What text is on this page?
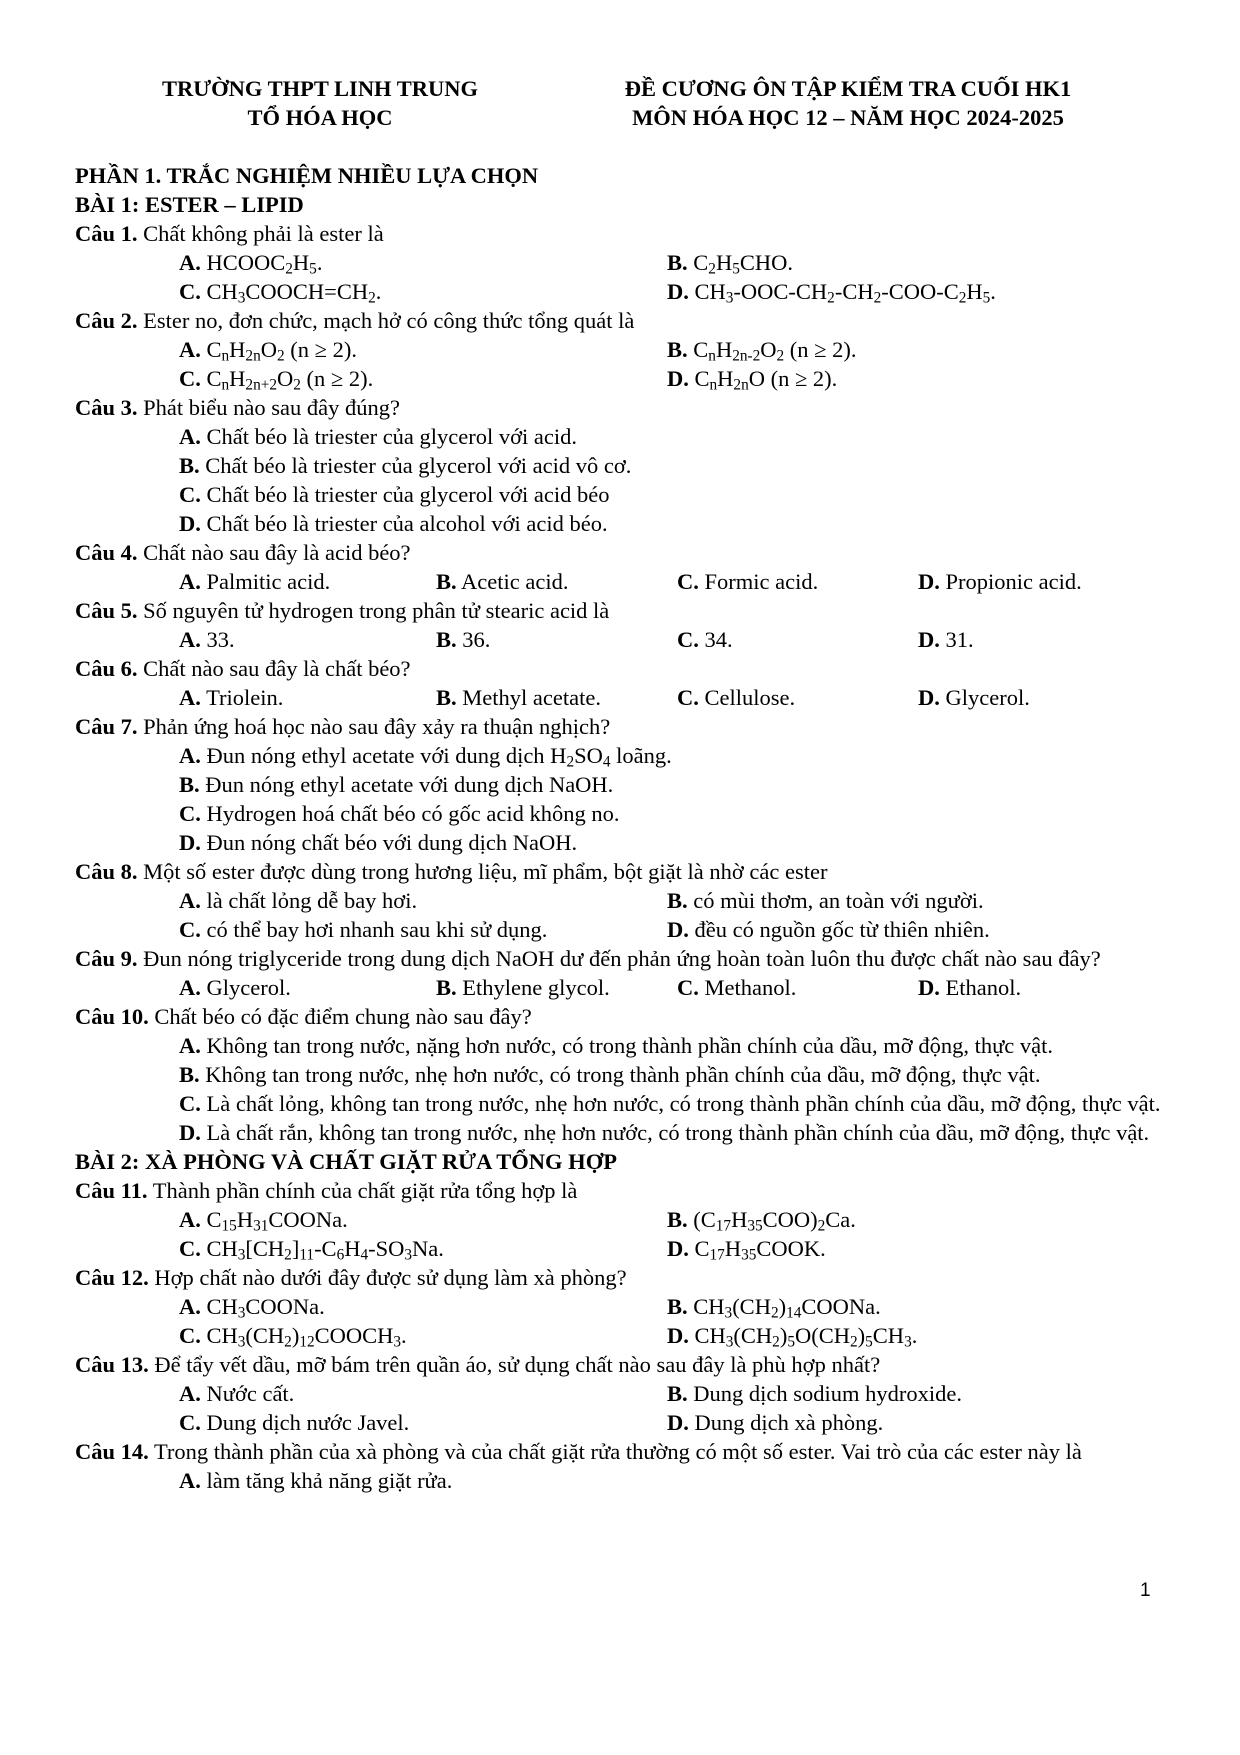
TRƯỜNG THPT LINH TRUNG
TỔ HÓA HỌC
ĐỀ CƯƠNG ÔN TẬP KIỂM TRA CUỐI HK1
MÔN HÓA HỌC 12 – NĂM HỌC 2024-2025
PHẦN 1. TRẮC NGHIỆM NHIỀU LỰA CHỌN
BÀI 1: ESTER – LIPID
Câu 1. Chất không phải là ester là
A. $HCOOC_2H_5$.	B. $C_2H_5CHO$.
C. $CH_3COOCH=CH_2$.	D. $CH_3-OOC-CH_2-CH_2-COO-C_2H_5$.
Câu 2. Ester no, đơn chức, mạch hở có công thức tổng quát là
A. $C_nH_{2n}O_2$ (n ≥ 2).	B. $C_nH_{2n-2}O_2$ (n ≥ 2).
C. $C_nH_{2n+2}O_2$ (n ≥ 2).	D. $C_nH_{2n}O$ (n ≥ 2).
Câu 3. Phát biểu nào sau đây đúng?
A. Chất béo là triester của glycerol với acid.
B. Chất béo là triester của glycerol với acid vô cơ.
C. Chất béo là triester của glycerol với acid béo
D. Chất béo là triester của alcohol với acid béo.
Câu 4. Chất nào sau đây là acid béo?
A. Palmitic acid.	B. Acetic acid.	C. Formic acid.	D. Propionic acid.
Câu 5. Số nguyên tử hydrogen trong phân tử stearic acid là
A. 33.	B. 36.	C. 34.	D. 31.
Câu 6. Chất nào sau đây là chất béo?
A. Triolein.	B. Methyl acetate.	C. Cellulose.	D. Glycerol.
Câu 7. Phản ứng hoá học nào sau đây xảy ra thuận nghịch?
A. Đun nóng ethyl acetate với dung dịch $H_2SO_4$ loãng.
B. Đun nóng ethyl acetate với dung dịch NaOH.
C. Hydrogen hoá chất béo có gốc acid không no.
D. Đun nóng chất béo với dung dịch NaOH.
Câu 8. Một số ester được dùng trong hương liệu, mĩ phẩm, bột giặt là nhờ các ester
A. là chất lỏng dễ bay hơi.	B. có mùi thơm, an toàn với người.
C. có thể bay hơi nhanh sau khi sử dụng.	D. đều có nguồn gốc từ thiên nhiên.
Câu 9. Đun nóng triglyceride trong dung dịch NaOH dư đến phản ứng hoàn toàn luôn thu được chất nào sau đây?
A. Glycerol.	B. Ethylene glycol.	C. Methanol.	D. Ethanol.
Câu 10. Chất béo có đặc điểm chung nào sau đây?
A. Không tan trong nước, nặng hơn nước, có trong thành phần chính của dầu, mỡ động, thực vật.
B. Không tan trong nước, nhẹ hơn nước, có trong thành phần chính của dầu, mỡ động, thực vật.
C. Là chất lỏng, không tan trong nước, nhẹ hơn nước, có trong thành phần chính của dầu, mỡ động, thực vật.
D. Là chất rắn, không tan trong nước, nhẹ hơn nước, có trong thành phần chính của dầu, mỡ động, thực vật.
BÀI 2: XÀ PHÒNG VÀ CHẤT GIẶT RỬA TỔNG HỢP
Câu 11. Thành phần chính của chất giặt rửa tổng hợp là
A. $C_{15}H_{31}COONa$.	B. $(C_{17}H_{35}COO)_2Ca$.
C. $CH_3[CH_2]_{11}-C_6H_4-SO_3Na$.	D. $C_{17}H_{35}COOK$.
Câu 12. Hợp chất nào dưới đây được sử dụng làm xà phòng?
A. $CH_3COONa$.	B. $CH_3(CH_2)_{14}COONa$.
C. $CH_3(CH_2)_{12}COOCH_3$.	D. $CH_3(CH_2)_5O(CH_2)_5CH_3$.
Câu 13. Để tẩy vết dầu, mỡ bám trên quần áo, sử dụng chất nào sau đây là phù hợp nhất?
A. Nước cất.	B. Dung dịch sodium hydroxide.
C. Dung dịch nước Javel.	D. Dung dịch xà phòng.
Câu 14. Trong thành phần của xà phòng và của chất giặt rửa thường có một số ester. Vai trò của các ester này là
A. làm tăng khả năng giặt rửa.
1
